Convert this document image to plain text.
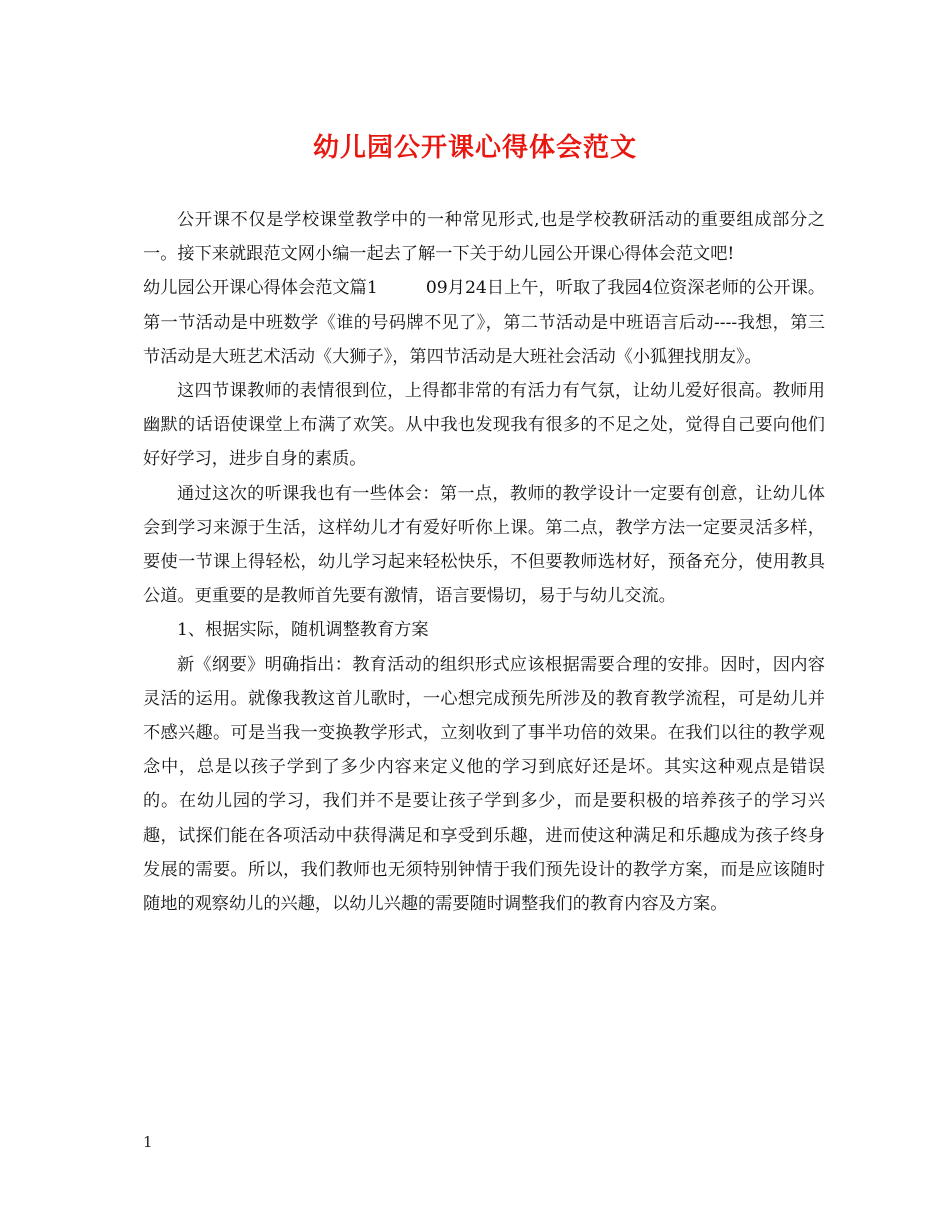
幼儿园公开课心得体会范文

公开课不仅是学校课堂教学中的一种常见形式,也是学校教研活动的重要组成部分之一。接下来就跟范文网小编一起去了解一下关于幼儿园公开课心得体会范文吧!

幼儿园公开课心得体会范文篇1	09月24日上午，听取了我园4位资深老师的公开课。第一节活动是中班数学《谁的号码牌不见了》，第二节活动是中班语言后动----我想，第三节活动是大班艺术活动《大狮子》，第四节活动是大班社会活动《小狐狸找朋友》。

这四节课教师的表情很到位，上得都非常的有活力有气氛，让幼儿爱好很高。教师用幽默的话语使课堂上布满了欢笑。从中我也发现我有很多的不足之处，觉得自己要向他们好好学习，进步自身的素质。

通过这次的听课我也有一些体会：第一点，教师的教学设计一定要有创意，让幼儿体会到学习来源于生活，这样幼儿才有爱好听你上课。第二点，教学方法一定要灵活多样，要使一节课上得轻松，幼儿学习起来轻松快乐，不但要教师选材好，预备充分，使用教具公道。更重要的是教师首先要有激情，语言要愓切，易于与幼儿交流。

1、根据实际，随机调整教育方案

新《纲要》明确指出：教育活动的组织形式应该根据需要合理的安排。因时，因内容灵活的运用。就像我教这首儿歌时，一心想完成预先所涉及的教育教学流程，可是幼儿并不感兴趣。可是当我一变换教学形式，立刻收到了事半功倍的效果。在我们以往的教学观念中，总是以孩子学到了多少内容来定义他的学习到底好还是坏。其实这种观点是错误的。在幼儿园的学习，我们并不是要让孩子学到多少，而是要积极的培养孩子的学习兴趣，试探们能在各项活动中获得满足和享受到乐趣，进而使这种满足和乐趣成为孩子终身发展的需要。所以，我们教师也无须特别钟情于我们预先设计的教学方案，而是应该随时随地的观察幼儿的兴趣，以幼儿兴趣的需要随时调整我们的教育内容及方案。

1
